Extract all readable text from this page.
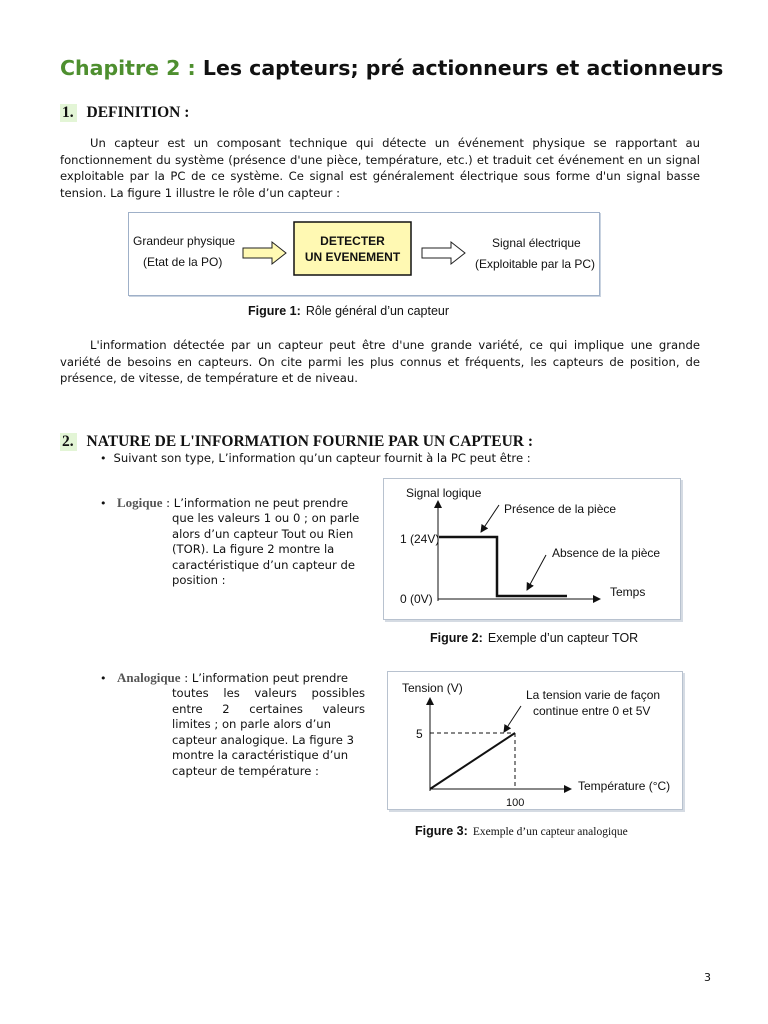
Chapitre 2 : Les capteurs; pré actionneurs et actionneurs
1. DEFINITION :
Un capteur est un composant technique qui détecte un événement physique se rapportant au fonctionnement du système (présence d'une pièce, température, etc.) et traduit cet événement en un signal exploitable par la PC de ce système. Ce signal est généralement électrique sous forme d'un signal basse tension. La figure 1 illustre le rôle d’un capteur :
Grandeur physique
(Etat de la PO)
DETECTER
UN EVENEMENT
Signal électrique
(Exploitable par la PC)
Figure 1: Rôle général d’un capteur
L'information détectée par un capteur peut être d'une grande variété, ce qui implique une grande variété de besoins en capteurs. On cite parmi les plus connus et fréquents, les capteurs de position, de présence, de vitesse, de température et de niveau.
2. NATURE DE L'INFORMATION FOURNIE PAR UN CAPTEUR :
•  Suivant son type, L’information qu’un capteur fournit à la PC peut être :
•   Logique : L’information ne peut prendre
que les valeurs 1 ou 0 ; on parle
alors d’un capteur Tout ou Rien
(TOR). La figure 2 montre la
caractéristique d’un capteur de
position :
Signal logique
Temps
1 (24V)
0 (0V)
Présence de la pièce
Absence de la pièce
Figure 2: Exemple d’un capteur TOR
•   Analogique : L’information peut prendre
toutes les valeurs possibles
entre 2 certaines valeurs
limites ; on parle alors d’un
capteur analogique. La figure 3
montre la caractéristique d’un
capteur de température :
Tension (V)
Température (°C)
5
100
La tension varie de façon
continue entre 0 et 5V
Figure 3: Exemple d’un capteur analogique
3
